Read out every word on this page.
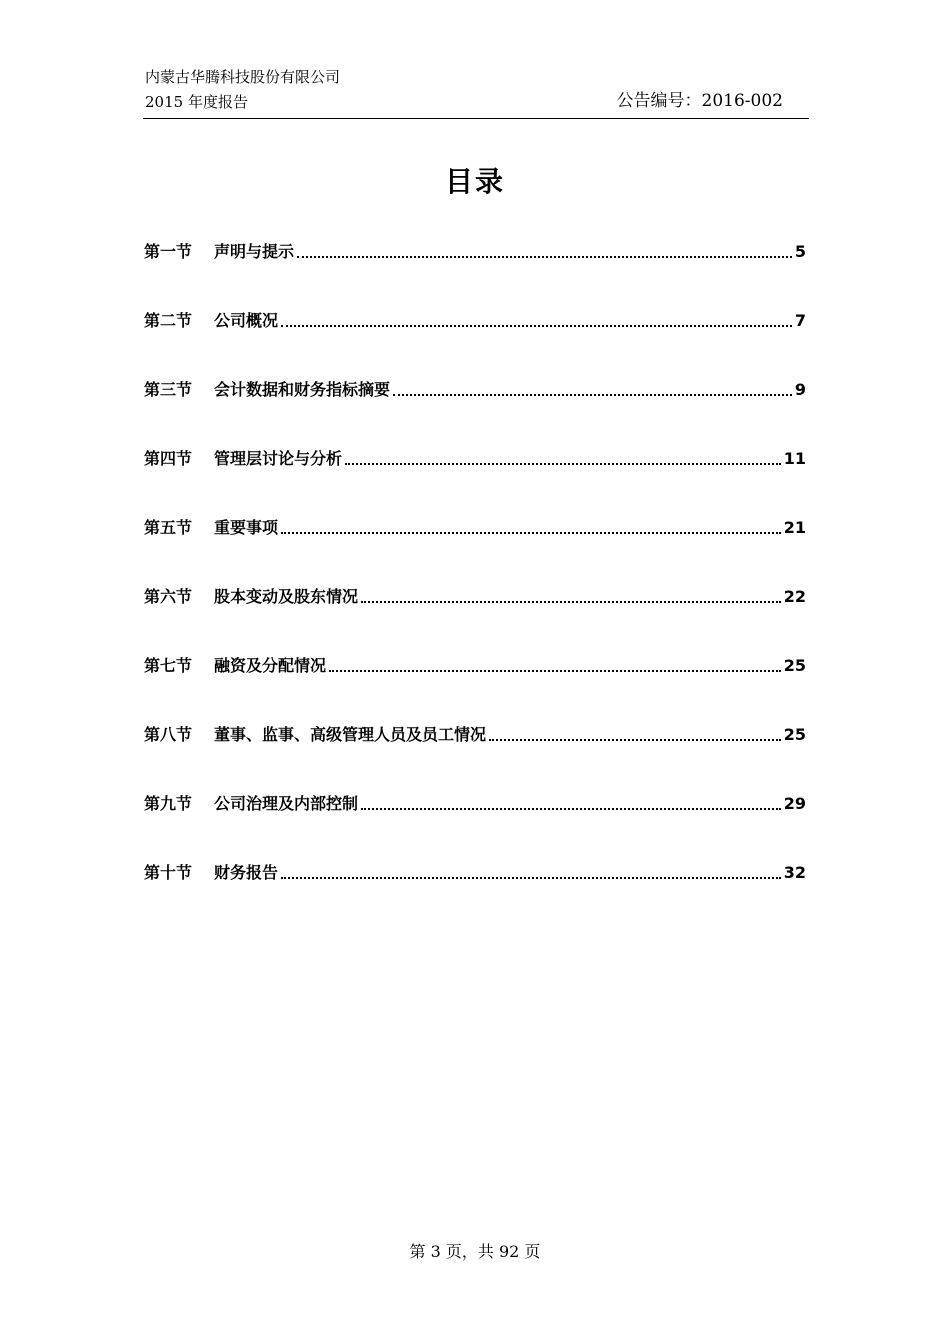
内蒙古华腾科技股份有限公司
2015 年度报告	公告编号：2016-002
目录
第一节	声明与提示	5
第二节	公司概况	7
第三节	会计数据和财务指标摘要	9
第四节	管理层讨论与分析	11
第五节	重要事项	21
第六节	股本变动及股东情况	22
第七节	融资及分配情况	25
第八节	董事、监事、高级管理人员及员工情况	25
第九节	公司治理及内部控制	29
第十节	财务报告	32
第 3 页，共 92 页
